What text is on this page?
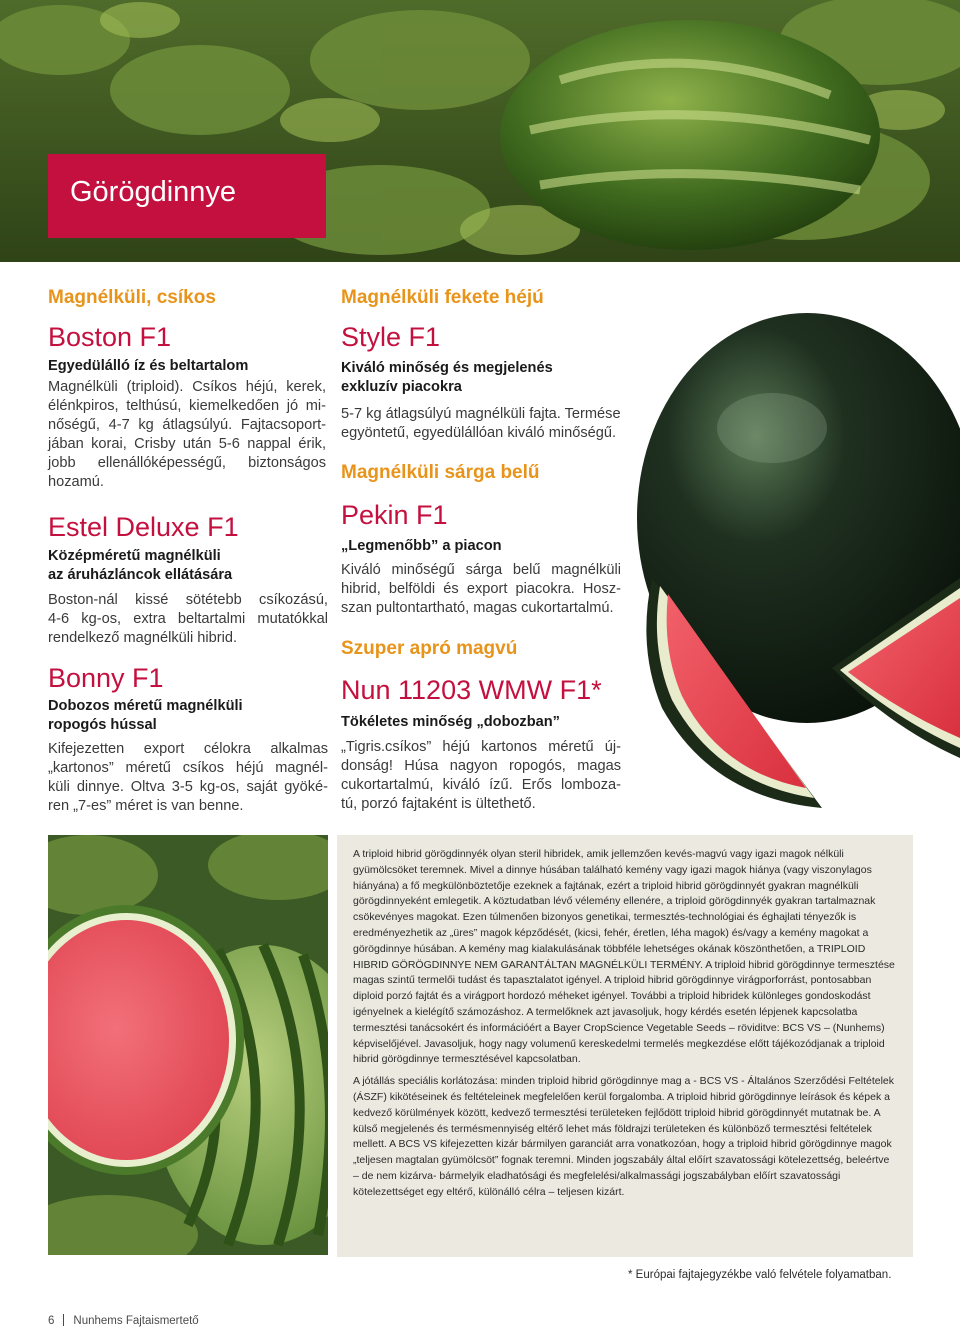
Görögdinnye
Magnélküli, csíkos
Boston F1
Egyedülálló íz és beltartalom
Magnélküli (triploid). Csíkos héjú, kerek,
élénkpiros, telthúsú, kiemelkedően jó mi-
nőségű, 4-7 kg átlagsúlyú. Fajtacsoport-
jában korai, Crisby után 5-6 nappal érik,
jobb ellenállóképességű, biztonságos
hozamú.
Estel Deluxe F1
Középméretű magnélküli
az áruházláncok ellátására
Boston-nál kissé sötétebb csíkozású,
4-6 kg-os, extra beltartalmi mutatókkal
rendelkező magnélküli hibrid.
Bonny F1
Dobozos méretű magnélküli
ropogós hússal
Kifejezetten export célokra alkalmas
„kartonos” méretű csíkos héjú magnél-
küli dinnye. Oltva 3-5 kg-os, saját gyöké-
ren „7-es” méret is van benne.
Magnélküli fekete héjú
Style F1
Kiváló minőség és megjelenés
exkluzív piacokra
5-7 kg átlagsúlyú magnélküli fajta. Termése
egyöntetű, egyedülállóan kiváló minőségű.
Magnélküli sárga belű
Pekin F1
„Legmenőbb” a piacon
Kiváló minőségű sárga belű magnélküli
hibrid, belföldi és export piacokra. Hosz-
szan pultontartható, magas cukortartalmú.
Szuper apró magvú
Nun 11203 WMW F1*
Tökéletes minőség „dobozban”
„Tigris.csíkos” héjú kartonos méretű új-
donság! Húsa nagyon ropogós, magas
cukortartalmú, kiváló ízű. Erős lomboza-
tú, porzó fajtaként is ültethető.

A triploid hibrid görögdinnyék olyan steril hibridek, amik jellemzően kevés-magvú vagy igazi magok nélküli gyümölcsöket teremnek. Mivel a dinnye húsában található kemény vagy igazi magok hiánya (vagy viszonylagos hiányána) a fő megkülönböztetője ezeknek a fajtának, ezért a triploid hibrid görögdinnyét gyakran magnélküli görögdinnyeként emlegetik. A köztudatban lévő vélemény ellenére, a triploid görögdinnyék gyakran tartalmaznak csökevényes magokat. Ezen túlmenően bizonyos genetikai, termesztés-technológiai és éghajlati tényezők is eredményezhetik az „üres” magok képződését, (kicsi, fehér, éretlen, léha magok) és/vagy a kemény magokat a görögdinnye húsában. A kemény mag kialakulásának többféle lehetséges okának köszönthetően, a TRIPLOID HIBRID GÖRÖGDINNYE NEM GARANTÁLTAN MAGNÉLKÜLI TERMÉNY. A triploid hibrid görögdinnye termesztése magas szintű termelői tudást és tapasztalatot igényel. A triploid hibrid görögdinnye virágporforrást, pontosabban diploid porzó fajtát és a virágport hordozó méheket igényel. További a triploid hibridek különleges gondoskodást igényelnek a kielégítő számozáshoz. A termelőknek azt javasoljuk, hogy kérdés esetén lépjenek kapcsolatba termesztési tanácsokért és információért a Bayer CropScience Vegetable Seeds – röviditve: BCS VS – (Nunhems) képviselőjével. Javasoljuk, hogy nagy volumenű kereskedelmi termelés megkezdése előtt tájékozódjanak a triploid hibrid görögdinnye termesztésével kapcsolatban.

A jótállás speciális korlátozása: minden triploid hibrid görögdinnye mag a - BCS VS - Általános Szerződési Feltételek (ÁSZF) kikötéseinek és feltételeinek megfelelően kerül forgalomba. A triploid hibrid görögdinnye leírások és képek a kedvező körülmények között, kedvező termesztési területeken fejlődött triploid hibrid görögdinnyét mutatnak be. A külső megjelenés és termésmennyiség eltérő lehet más földrajzi területeken és különböző termesztési feltételek mellett. A BCS VS kifejezetten kizár bármilyen garanciát arra vonatkozóan, hogy a triploid hibrid görögdinnye magok „teljesen magtalan gyümölcsöt” fognak teremni. Minden jogszabály által előírt szavatossági kötelezettség, beleértve – de nem kizárva- bármelyik eladhatósági és megfelelési/alkalmassági jogszabályban előírt szavatossági kötelezettséget egy eltérő, különálló célra – teljesen kizárt.

* Európai fajtajegyzékbe való felvétele folyamatban.
6 Nunhems Fajtaismertető
